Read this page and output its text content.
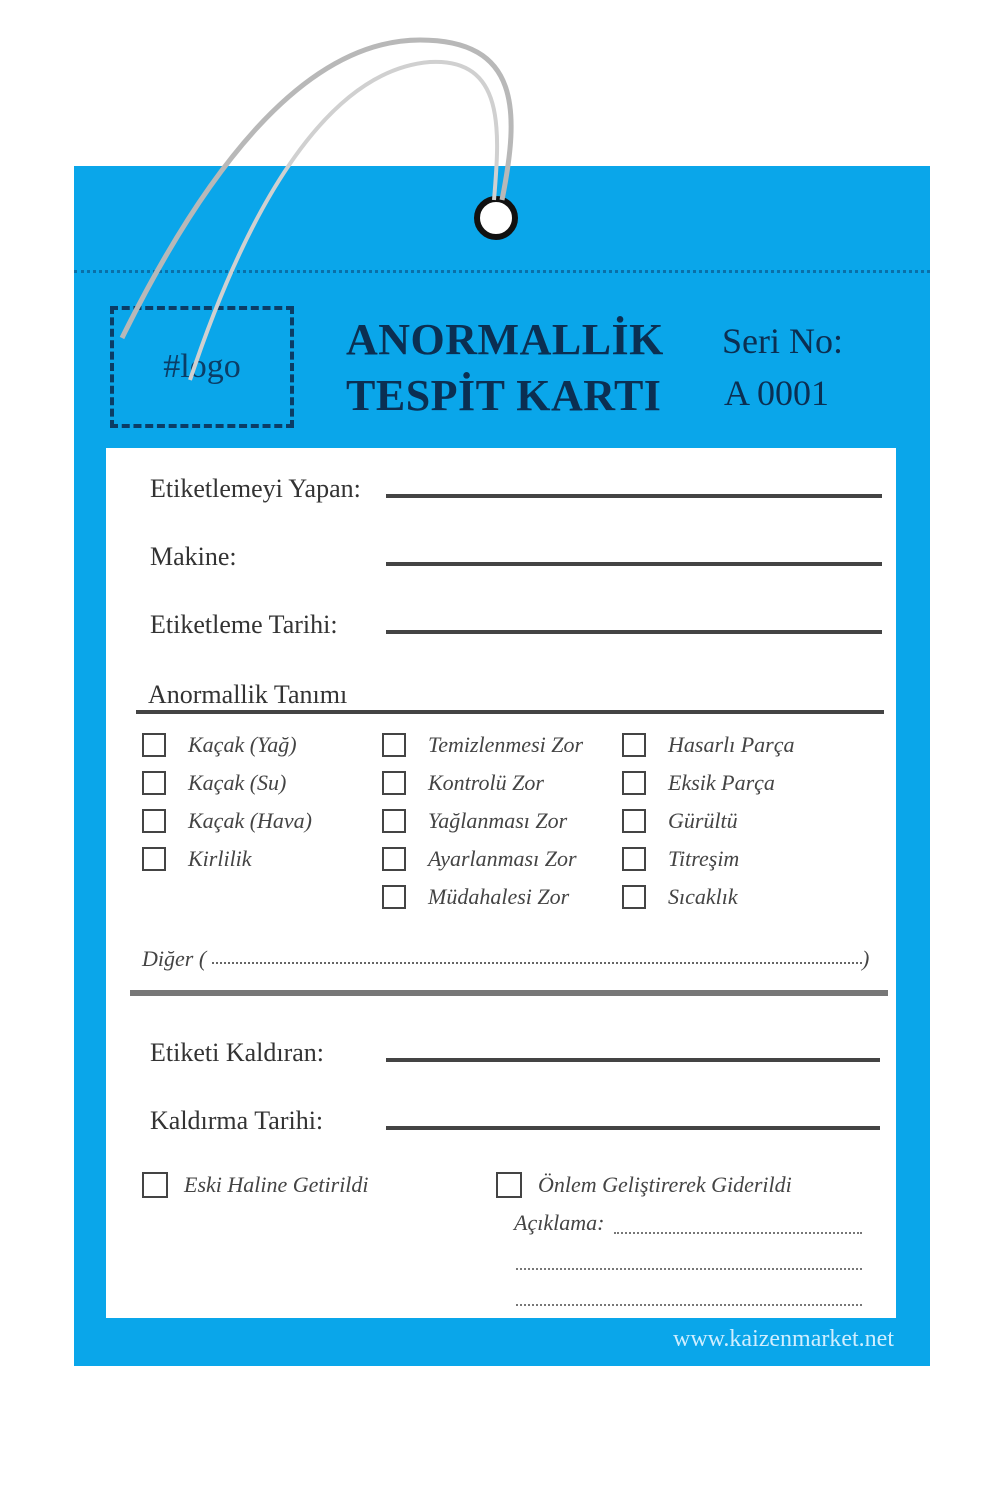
#logo
ANORMALLİK
TESPİT KARTI
Seri No:
A 0001
Etiketlemeyi Yapan:
Makine:
Etiketleme Tarihi:
Anormallik Tanımı
Kaçak (Yağ)
Kaçak (Su)
Kaçak (Hava)
Kirlilik
Temizlenmesi Zor
Kontrolü Zor
Yağlanması Zor
Ayarlanması Zor
Müdahalesi Zor
Hasarlı Parça
Eksik Parça
Gürültü
Titreşim
Sıcaklık
Diğer (	)
Etiketi Kaldıran:
Kaldırma Tarihi:
Eski Haline Getirildi	Önlem Geliştirerek Giderildi
Açıklama:
www.kaizenmarket.net
